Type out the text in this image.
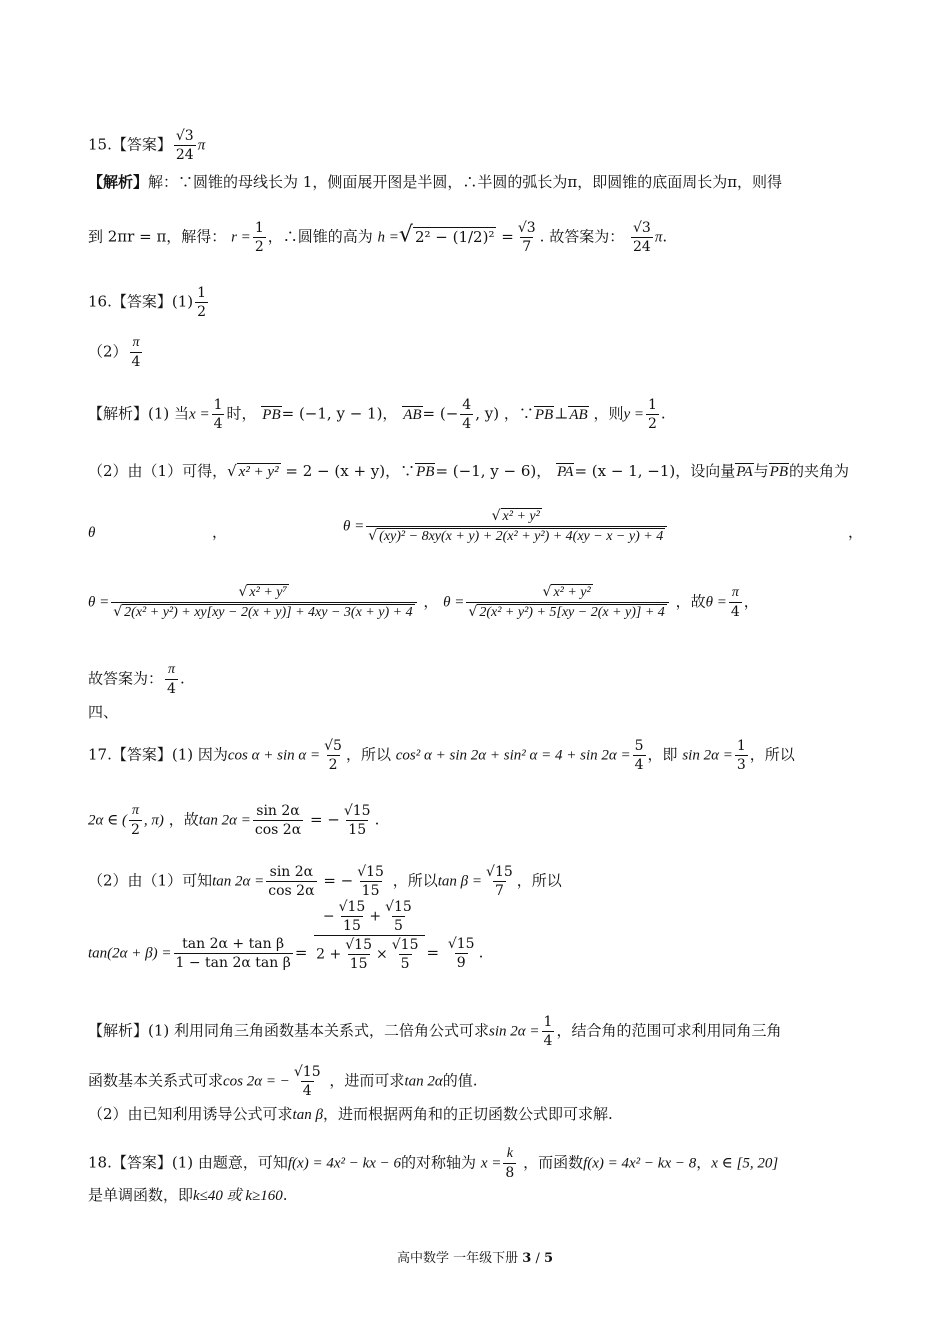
15.【答案】 $\frac{√3}{24}$ π
【解析】解：∵圆锥的母线长为 1，侧面展开图是半圆，∴半圆的弧长为π，即圆锥的底面周长为π，则得
到 2πr = π，解得： $r = \frac{1}{2}$ ，∴圆锥的高为 h =√ $2^2 - (1/2)^2 = \frac{√3}{7}$ . 故答案为： $\frac{√3}{24} \pi$.
16.【答案】$(1) \frac{1}{2}$
$(2) \frac{\pi}{4}$
【解析】(1) 当$x = \frac{1}{4}$ 时， PB= (−1, y − 1)， AB= (− $\frac{4}{4}$ , y) ，∵PB⊥AB ，则$y = \frac{1}{2}$ .
（2）由（1）可得，√ x² + y² = 2 − (x + y)，∵PB= (−1, y − 6)， PA= (x − 1, −1)，设向量PA与PB的夹角为
θ	，	$\theta = \frac{\text{√ x² + y²}}{\text{√ (xy)² − 8xy(x + y) + 2(x² + y²) + 4(xy − x − y) + 4}}$	，
$\theta = \frac{\text{√ x² + y⁷}}{\text{√ 2(x² + y²) + xy[xy − 2(x + y)] + 4xy − 3(x + y) + 4}}$ ， $\theta = \frac{\text{√ x² + y²}}{\text{√ 2(x² + y²) + 5[xy − 2(x + y)] + 4}}$ ，故$\theta = \frac{\pi}{4}$ ，
故答案为： $\frac{\pi}{4}$ .
四、
17.【答案】(1) 因为$\cos \alpha + \sin \alpha = \frac{√5}{2}$ ，所以 cos² α + sin 2α + sin² $\alpha = 4 + \sin 2\alpha = \frac{5}{4}$ ，即 $\sin 2\alpha = \frac{1}{3}$ ，所以
2α ∈ ( $\frac{\pi}{2}$ , π) ，故$\tan 2\alpha = \frac{\sin 2\alpha}{\cos 2\alpha}$ = − $\frac{√15}{15}$ .
（2）由（1）可知$\tan 2\alpha = \frac{\sin 2\alpha}{\cos 2\alpha}$ = − $\frac{√15}{15}$ ，所以$\tan \beta = \frac{√15}{7}$ ，所以
$\tan(2\alpha + \beta) = \frac{\text{tan 2α + tan β}}{\text{1 − tan 2α tan β}} = \frac{- \frac{√15}{15} + \frac{√15}{5}}{2 + \frac{√15}{15} \times \frac{√15}{5}} = \frac{√15}{9}$ .
【解析】(1) 利用同角三角函数基本关系式，二倍角公式可求$\sin 2\alpha = \frac{1}{4}$ ，结合角的范围可求利用同角三角
函数基本关系式可求cos 2α = − $\frac{√15}{4}$ ，进而可求tan 2α的值.
（2）由已知利用诱导公式可求tan β，进而根据两角和的正切函数公式即可求解.
18.【答案】(1) 由题意，可知f(x) = 4x² − kx − 6的对称轴为 $x = \frac{k}{8}$ ，而函数f(x) = 4x² − kx − 8，x ∈ [5, 20]
是单调函数，即k≤40 或 k≥160.
高中数学 一年级下册 3 / 5
